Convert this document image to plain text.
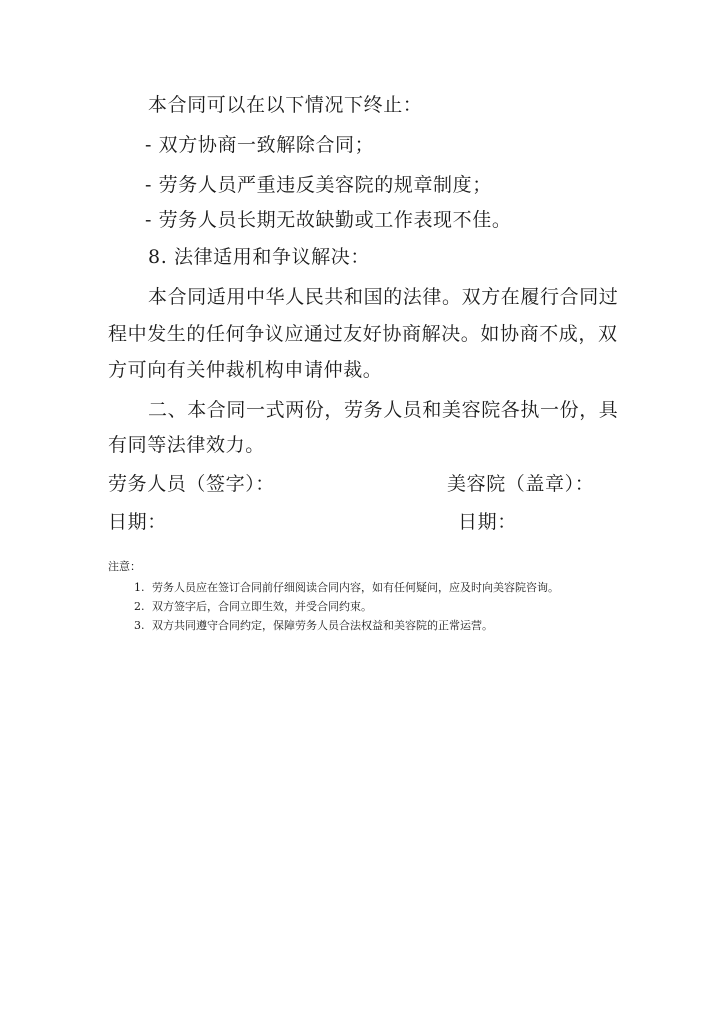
本合同可以在以下情况下终止：
- 双方协商一致解除合同；
- 劳务人员严重违反美容院的规章制度；
- 劳务人员长期无故缺勤或工作表现不佳。
8. 法律适用和争议解决：
本合同适用中华人民共和国的法律。双方在履行合同过
程中发生的任何争议应通过友好协商解决。如协商不成，双
方可向有关仲裁机构申请仲裁。
二、本合同一式两份，劳务人员和美容院各执一份，具
有同等法律效力。
劳务人员（签字）：	美容院（盖章）：
日期：	日期：
注意：
1. 劳务人员应在签订合同前仔细阅读合同内容，如有任何疑问，应及时向美容院咨询。
2. 双方签字后，合同立即生效，并受合同约束。
3. 双方共同遵守合同约定，保障劳务人员合法权益和美容院的正常运营。
